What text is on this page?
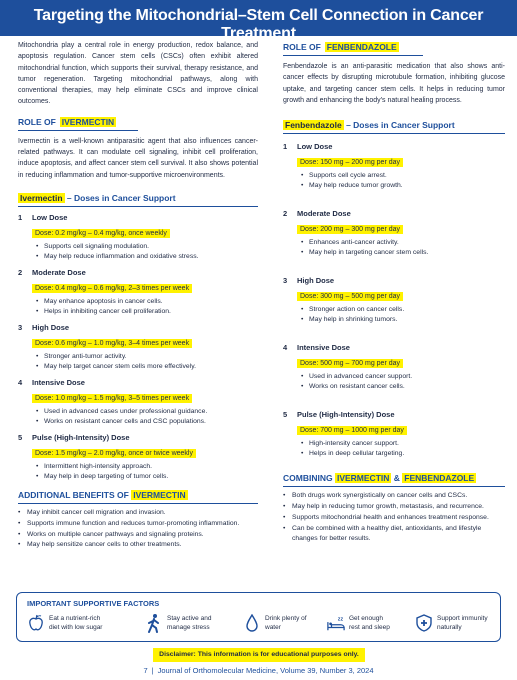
Targeting the Mitochondrial–Stem Cell Connection in Cancer Treatment

Mitochondria play a central role in energy production, redox balance, and apoptosis regulation. Cancer stem cells (CSCs) often exhibit altered mitochondrial function, which supports their survival, therapy resistance, and tumor regeneration. Targeting mitochondrial pathways, along with conventional therapies, may help eliminate CSCs and improve clinical outcomes.

ROLE OF IVERMECTIN

Ivermectin is a well-known antiparasitic agent that also influences cancer-related pathways. It can modulate cell signaling, inhibit cell proliferation, induce apoptosis, and affect cancer stem cell survival. It also shows potential in reducing inflammation and tumor-supportive microenvironments.

Ivermectin – Doses in Cancer Support
1 Low Dose
Dose: 0.2 mg/kg – 0.4 mg/kg, once weekly
• Supports cell signaling modulation.
• May help reduce inflammation and oxidative stress.
2 Moderate Dose
Dose: 0.4 mg/kg – 0.6 mg/kg, 2–3 times per week
• May enhance apoptosis in cancer cells.
• Helps in inhibiting cancer cell proliferation.
3 High Dose
Dose: 0.6 mg/kg – 1.0 mg/kg, 3–4 times per week
• Stronger anti-tumor activity.
• May help target cancer stem cells more effectively.
4 Intensive Dose
Dose: 1.0 mg/kg – 1.5 mg/kg, 3–5 times per week
• Used in advanced cases under professional guidance.
• Works on resistant cancer cells and CSC populations.
5 Pulse (High-Intensity) Dose
Dose: 1.5 mg/kg – 2.0 mg/kg, once or twice weekly
• Intermittent high-intensity approach.
• May help in deep targeting of tumor cells.
ADDITIONAL BENEFITS OF IVERMECTIN
• May inhibit cancer cell migration and invasion.
• Supports immune function and reduces tumor-promoting inflammation.
• Works on multiple cancer pathways and signaling proteins.
• May help sensitize cancer cells to other treatments.
ROLE OF FENBENDAZOLE

Fenbendazole is an anti-parasitic medication that also shows anti-cancer effects by disrupting microtubule formation, inhibiting glucose uptake, and targeting cancer stem cells. It helps in reducing tumor growth and enhancing the body's natural healing process.

Fenbendazole – Doses in Cancer Support
1 Low Dose
Dose: 150 mg – 200 mg per day
• Supports cell cycle arrest.
• May help reduce tumor growth.
2 Moderate Dose
Dose: 200 mg – 300 mg per day
• Enhances anti-cancer activity.
• May help in targeting cancer stem cells.
3 High Dose
Dose: 300 mg – 500 mg per day
• Stronger action on cancer cells.
• May help in shrinking tumors.
4 Intensive Dose
Dose: 500 mg – 700 mg per day
• Used in advanced cancer support.
• Works on resistant cancer cells.
5 Pulse (High-Intensity) Dose
Dose: 700 mg – 1000 mg per day
• High-intensity cancer support.
• Helps in deep cellular targeting.
COMBINING IVERMECTIN & FENBENDAZOLE
• Both drugs work synergistically on cancer cells and CSCs.
• May help in reducing tumor growth, metastasis, and recurrence.
• Supports mitochondrial health and enhances treatment response.
• Can be combined with a healthy diet, antioxidants, and lifestyle changes for better results.
IMPORTANT SUPPORTIVE FACTORS
Eat a nutrient-rich
diet with low sugar
Stay active and
manage stress
Drink plenty of
water
zz Get enough
rest and sleep
Support immunity
naturally
Disclaimer: This information is for educational purposes only.
7 | Journal of Orthomolecular Medicine, Volume 39, Number 3, 2024
